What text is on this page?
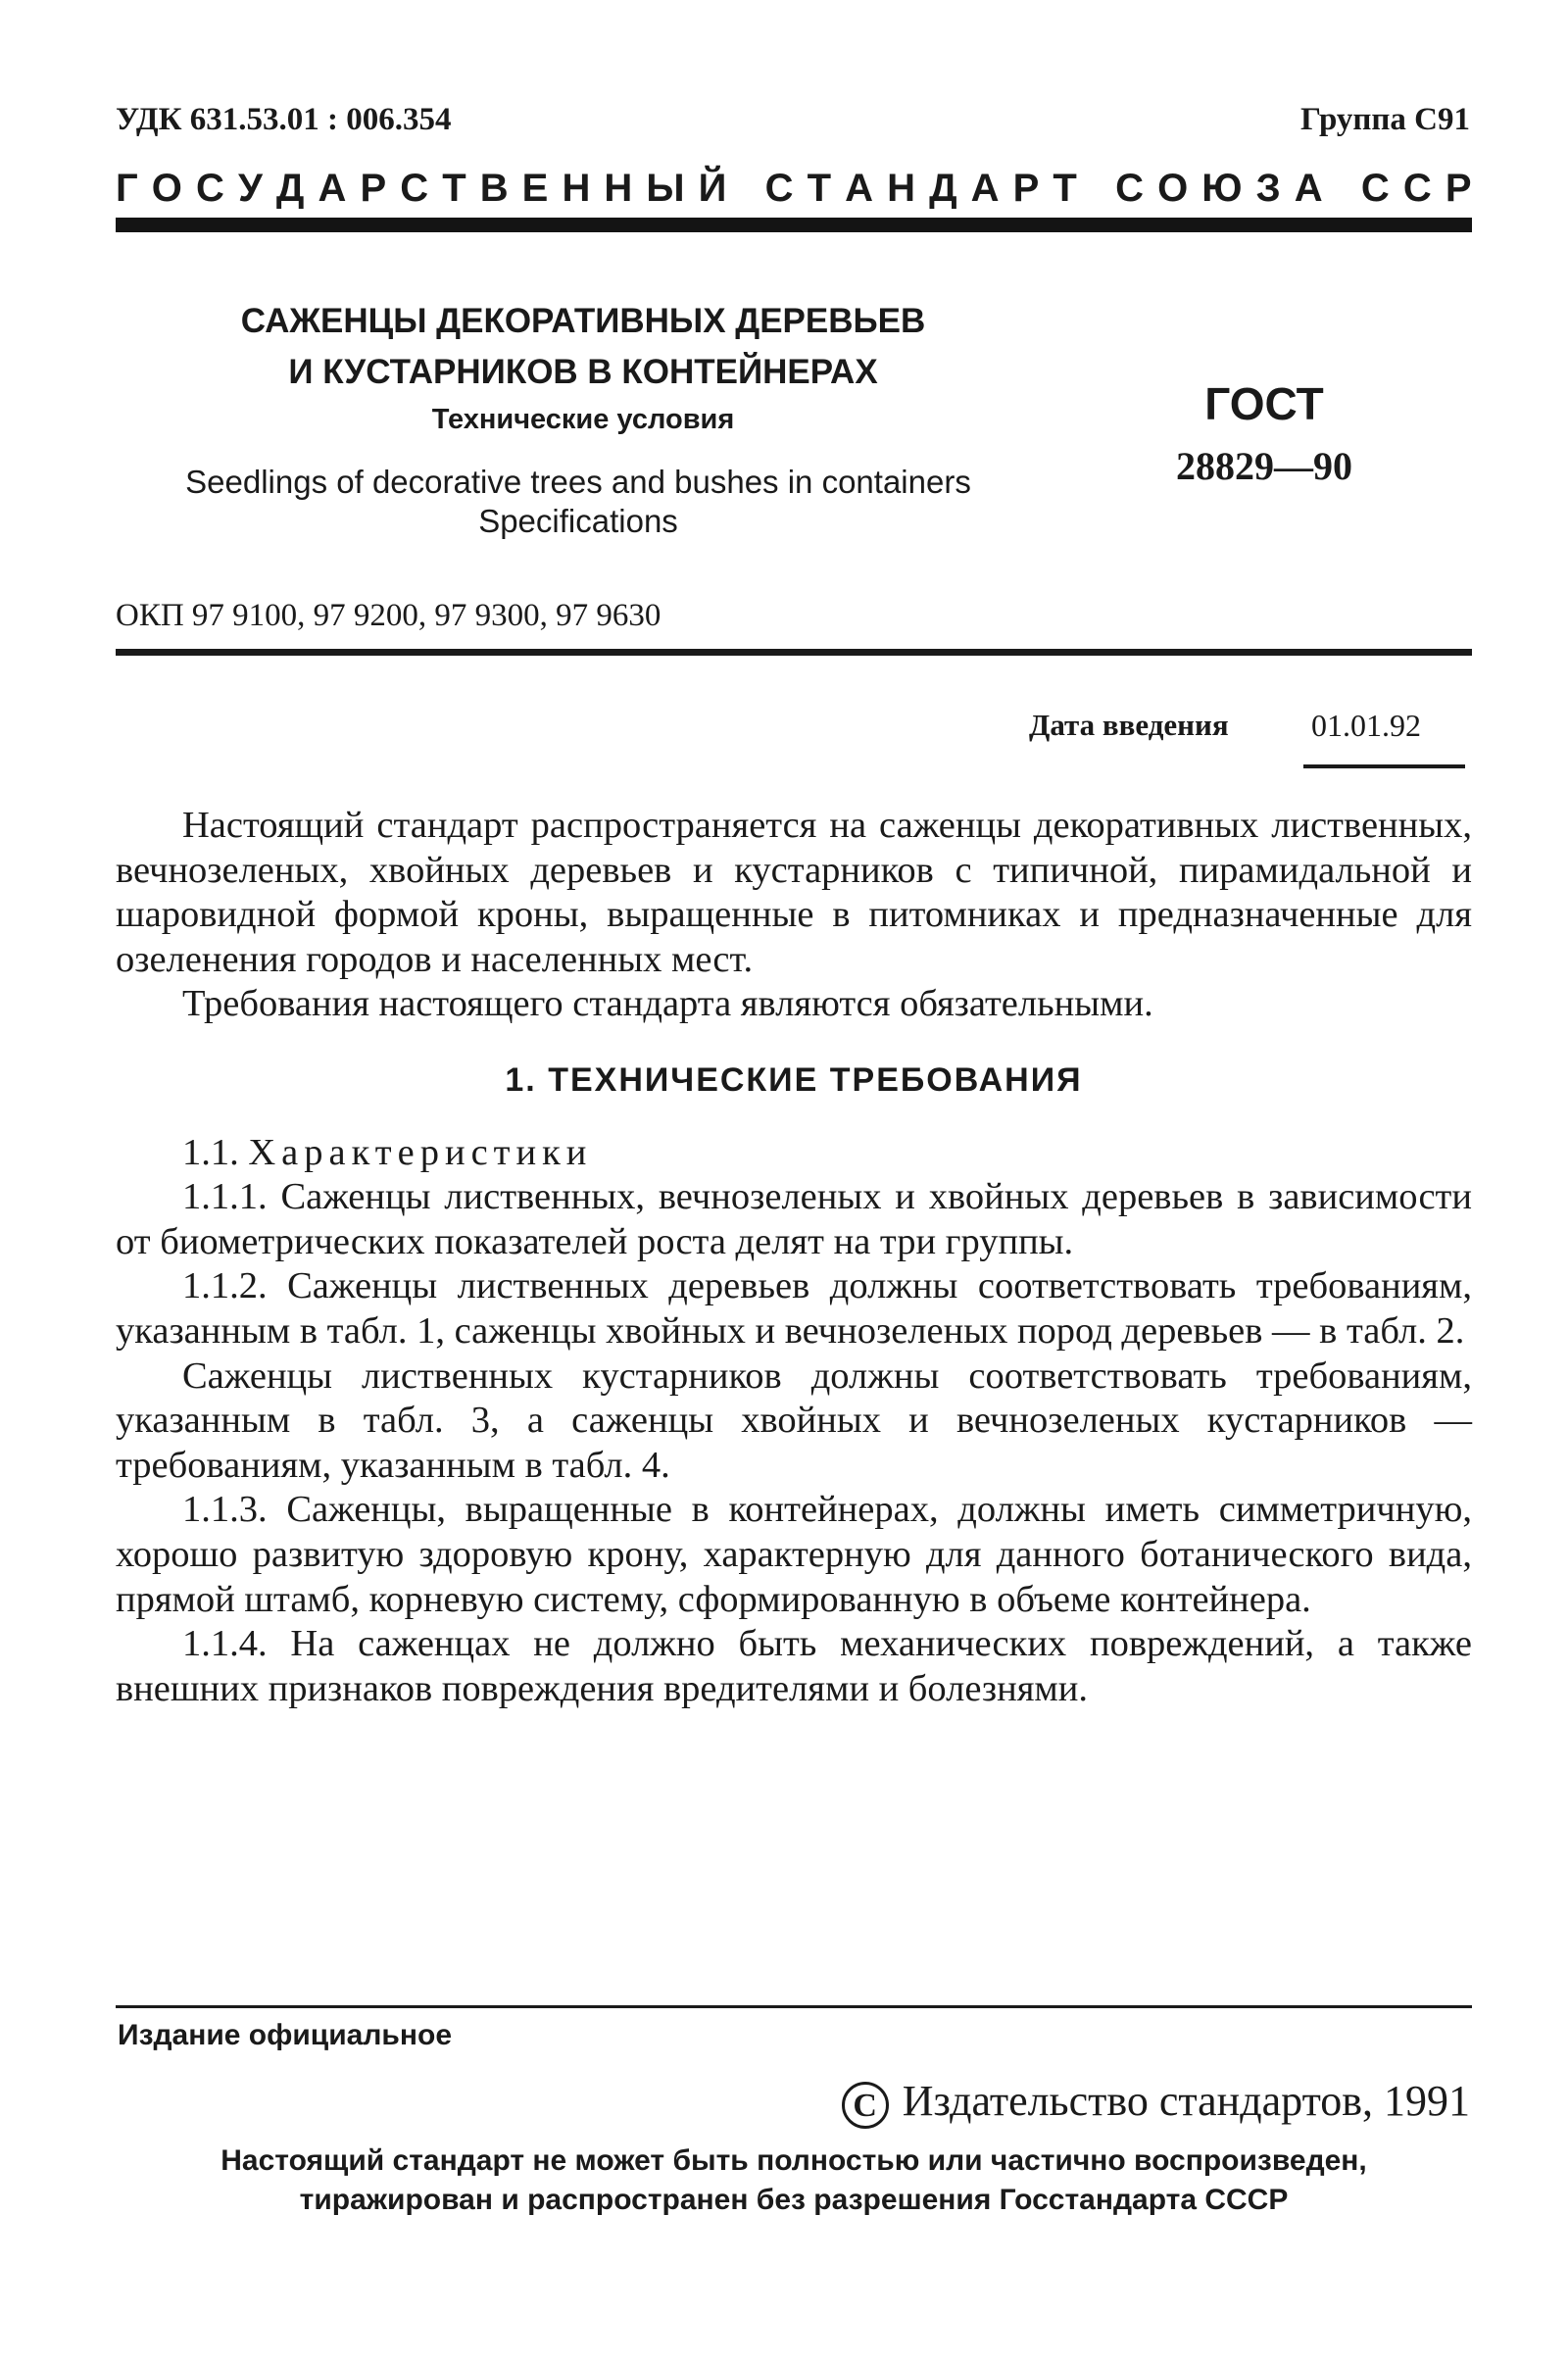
УДК 631.53.01 : 006.354	Группа С91
Г О С У Д А Р С Т В Е Н Н Ы Й
С Т А Н Д А Р Т
С О Ю З А
С С Р
САЖЕНЦЫ ДЕКОРАТИВНЫХ ДЕРЕВЬЕВ
И КУСТАРНИКОВ В КОНТЕЙНЕРАХ
Технические условия
Seedlings of decorative trees and bushes in containers
Specifications
ГОСТ
28829—90
ОКП 97 9100, 97 9200, 97 9300, 97 9630
Дата введения	01.01.92
Настоящий стандарт распространяется на саженцы декоративных лиственных, вечнозеленых, хвойных деревьев и кустарников с типичной, пирамидальной и шаровидной формой кроны, выращенные в питомниках и предназначенные для озеленения городов и населенных мест.
Требования настоящего стандарта являются обязательными.
1. ТЕХНИЧЕСКИЕ ТРЕБОВАНИЯ
1.1. Характеристики
1.1.1. Саженцы лиственных, вечнозеленых и хвойных деревьев в зависимости от биометрических показателей роста делят на три группы.
1.1.2. Саженцы лиственных деревьев должны соответствовать требованиям, указанным в табл. 1, саженцы хвойных и вечнозеленых пород деревьев — в табл. 2.
Саженцы лиственных кустарников должны соответствовать требованиям, указанным в табл. 3, а саженцы хвойных и вечнозеленых кустарников — требованиям, указанным в табл. 4.
1.1.3. Саженцы, выращенные в контейнерах, должны иметь симметричную, хорошо развитую здоровую крону, характерную для данного ботанического вида, прямой штамб, корневую систему, сформированную в объеме контейнера.
1.1.4. На саженцах не должно быть механических повреждений, а также внешних признаков повреждения вредителями и болезнями.
Издание официальное
C Издательство стандартов, 1991
Настоящий стандарт не может быть полностью или частично воспроизведен,
тиражирован и распространен без разрешения Госстандарта СССР
